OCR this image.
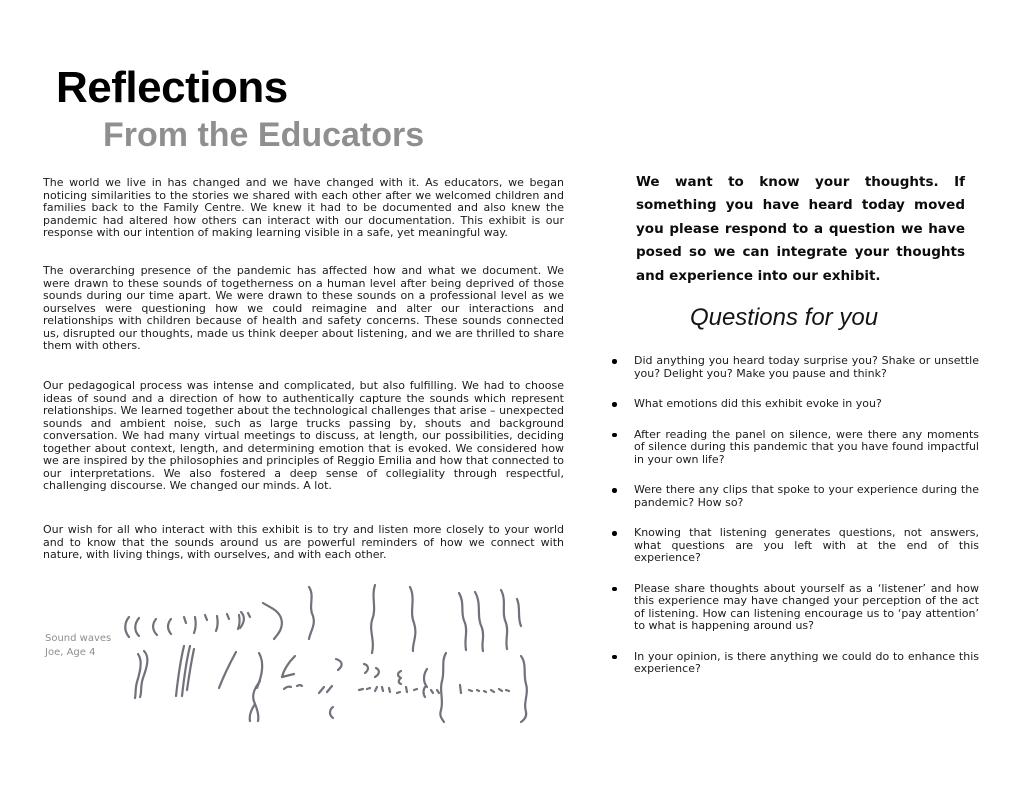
Reflections
From the Educators

The world we live in has changed and we have changed with it. As educators, we began noticing similarities to the stories we shared with each other after we welcomed children and families back to the Family Centre. We knew it had to be documented and also knew the pandemic had altered how others can interact with our documentation. This exhibit is our response with our intention of making learning visible in a safe, yet meaningful way.

The overarching presence of the pandemic has affected how and what we document. We were drawn to these sounds of togetherness on a human level after being deprived of those sounds during our time apart. We were drawn to these sounds on a professional level as we ourselves were questioning how we could reimagine and alter our interactions and relationships with children because of health and safety concerns. These sounds connected us, disrupted our thoughts, made us think deeper about listening, and we are thrilled to share them with others.

Our pedagogical process was intense and complicated, but also fulfilling. We had to choose ideas of sound and a direction of how to authentically capture the sounds which represent relationships. We learned together about the technological challenges that arise – unexpected sounds and ambient noise, such as large trucks passing by, shouts and background conversation. We had many virtual meetings to discuss, at length, our possibilities, deciding together about context, length, and determining emotion that is evoked. We considered how we are inspired by the philosophies and principles of Reggio Emilia and how that connected to our interpretations. We also fostered a deep sense of collegiality through respectful, challenging discourse. We changed our minds. A lot.

Our wish for all who interact with this exhibit is to try and listen more closely to your world and to know that the sounds around us are powerful reminders of how we connect with nature, with living things, with ourselves, and with each other.

Sound waves
Joe, Age 4

We want to know your thoughts. If something you have heard today moved you please respond to a question we have posed so we can integrate your thoughts and experience into our exhibit.

Questions for you
Did anything you heard today surprise you? Shake or unsettle you? Delight you? Make you pause and think?
What emotions did this exhibit evoke in you?
After reading the panel on silence, were there any moments of silence during this pandemic that you have found impactful in your own life?
Were there any clips that spoke to your experience during the pandemic? How so?
Knowing that listening generates questions, not answers, what questions are you left with at the end of this experience?
Please share thoughts about yourself as a ‘listener’ and how this experience may have changed your perception of the act of listening. How can listening encourage us to ‘pay attention’ to what is happening around us?
In your opinion, is there anything we could do to enhance this experience?
